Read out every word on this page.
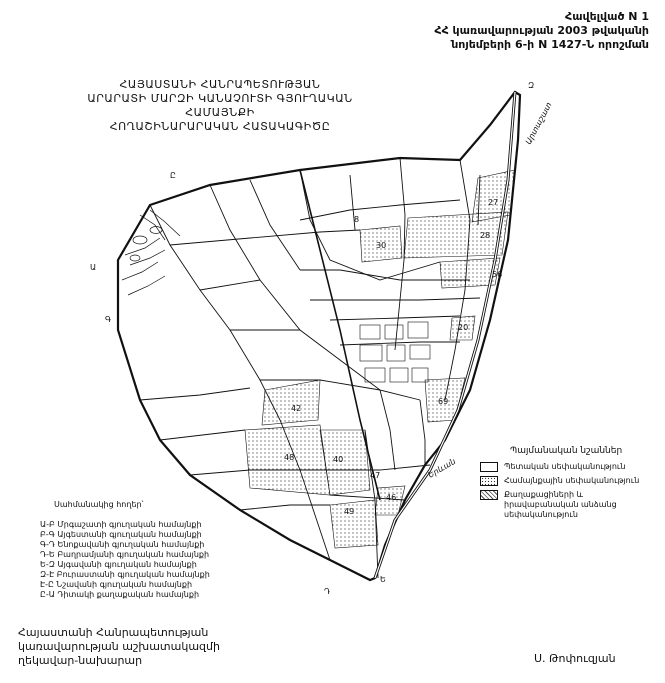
Հավելված N 1
ՀՀ կառավարության 2003 թվականի
նոյեմբերի 6-ի N 1427-Ն որոշման
ՀԱՅԱՍՏԱՆԻ ՀԱՆՐԱՊԵՏՈՒԹՅԱՆ
ԱՐԱՐԱՏԻ ՄԱՐԶԻ ԿԱՆԱՉՈՒՏԻ ԳՅՈՒՂԱԿԱՆ ՀԱՄԱՅՆՔԻ
ՀՈՂԱՇԻՆԱՐԱՐԱԿԱՆ ՀԱՏԱԿԱԳԻԾԸ
27
28
30
56
20
69
42
48	40
49
46
47
8
Ը
Ա
Գ
Դ
Ե
Զ
Արտաշատ
Երևան
Պայմանական նշաններ
Պետական սեփականություն
Համայնքային սեփականություն
Քաղաքացիների և իրավաբանական անձանց սեփականություն
Սահմանակից հողեր՝
Ա-Բ Մրգաշատի գյուղական համայնքի
Բ-Գ Այգեստանի գյուղական համայնքի
Գ-Դ Ենոքավանի գյուղական համայնքի
Դ-Ե Բաղրամյանի գյուղական համայնքի
Ե-Զ Այգավանի գյուղական համայնքի
Զ-Է Բուրաստանի գյուղական համայնքի
Է-Ը Նշավանի գյուղական համայնքի
Ը-Ա Դիտակի քաղաքական համայնքի
Հայաստանի Հանրապետության
կառավարության աշխատակազմի
ղեկավար-նախարար	Ս. Թոփուզյան
